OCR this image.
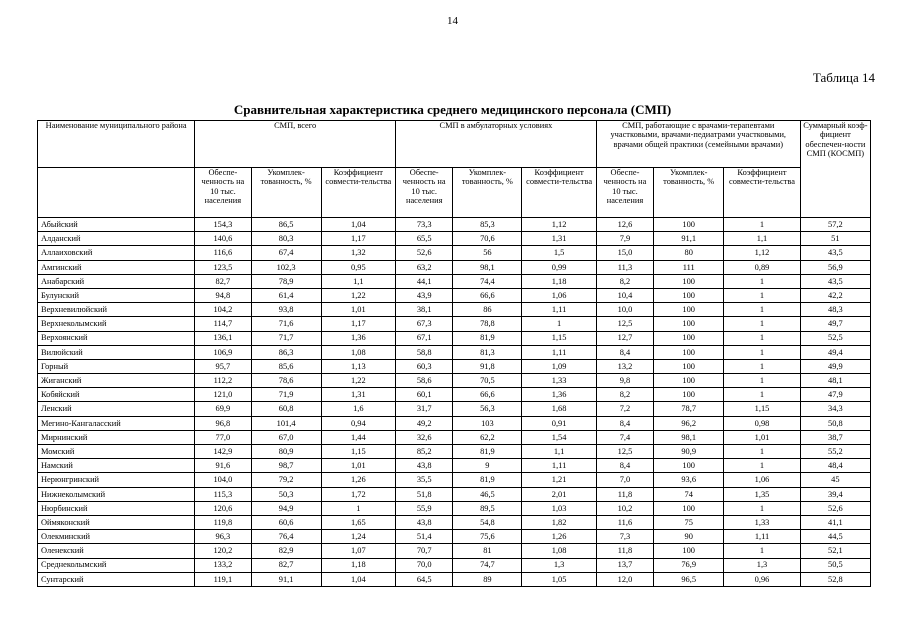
14
Таблица 14
Сравнительная характеристика среднего медицинского персонала (СМП)
Наименование муниципального района	СМП, всего			СМП в амбулаторных условиях			СМП, работающие с врачами-терапевтами участковыми, врачами-педиатрами участковыми, врачами общей практики (семейными врачами)			Суммарный коэф-фициент обеспечен-ности СМП (КОСМП)
	Обеспе-ченность на 10 тыс. населения	Укомплек-тованность, %	Коэффициент совмести-тельства	Обеспе-ченность на 10 тыс. населения	Укомплек-тованность, %	Коэффициент совмести-тельства	Обеспе-ченность на 10 тыс. населения	Укомплек-тованность, %	Коэффициент совмести-тельства	
Абыйский	154,3	86,5	1,04	73,3	85,3	1,12	12,6	100	1	57,2
Алданский	140,6	80,3	1,17	65,5	70,6	1,31	7,9	91,1	1,1	51
Аллаиховский	116,6	67,4	1,32	52,6	56	1,5	15,0	80	1,12	43,5
Амгинский	123,5	102,3	0,95	63,2	98,1	0,99	11,3	111	0,89	56,9
Анабарский	82,7	78,9	1,1	44,1	74,4	1,18	8,2	100	1	43,5
Булунский	94,8	61,4	1,22	43,9	66,6	1,06	10,4	100	1	42,2
Верхневилюйский	104,2	93,8	1,01	38,1	86	1,11	10,0	100	1	48,3
Верхнеколымский	114,7	71,6	1,17	67,3	78,8	1	12,5	100	1	49,7
Верхоянский	136,1	71,7	1,36	67,1	81,9	1,15	12,7	100	1	52,5
Вилюйский	106,9	86,3	1,08	58,8	81,3	1,11	8,4	100	1	49,4
Горный	95,7	85,6	1,13	60,3	91,8	1,09	13,2	100	1	49,9
Жиганский	112,2	78,6	1,22	58,6	70,5	1,33	9,8	100	1	48,1
Кобяйский	121,0	71,9	1,31	60,1	66,6	1,36	8,2	100	1	47,9
Ленский	69,9	60,8	1,6	31,7	56,3	1,68	7,2	78,7	1,15	34,3
Мегино-Кангаласский	96,8	101,4	0,94	49,2	103	0,91	8,4	96,2	0,98	50,8
Мирнинский	77,0	67,0	1,44	32,6	62,2	1,54	7,4	98,1	1,01	38,7
Момский	142,9	80,9	1,15	85,2	81,9	1,1	12,5	90,9	1	55,2
Намский	91,6	98,7	1,01	43,8	9	1,11	8,4	100	1	48,4
Нерюнгринский	104,0	79,2	1,26	35,5	81,9	1,21	7,0	93,6	1,06	45
Нижнеколымский	115,3	50,3	1,72	51,8	46,5	2,01	11,8	74	1,35	39,4
Нюрбинский	120,6	94,9	1	55,9	89,5	1,03	10,2	100	1	52,6
Оймяконский	119,8	60,6	1,65	43,8	54,8	1,82	11,6	75	1,33	41,1
Олекминский	96,3	76,4	1,24	51,4	75,6	1,26	7,3	90	1,11	44,5
Оленекский	120,2	82,9	1,07	70,7	81	1,08	11,8	100	1	52,1
Среднеколымский	133,2	82,7	1,18	70,0	74,7	1,3	13,7	76,9	1,3	50,5
Сунтарский	119,1	91,1	1,04	64,5	89	1,05	12,0	96,5	0,96	52,8
